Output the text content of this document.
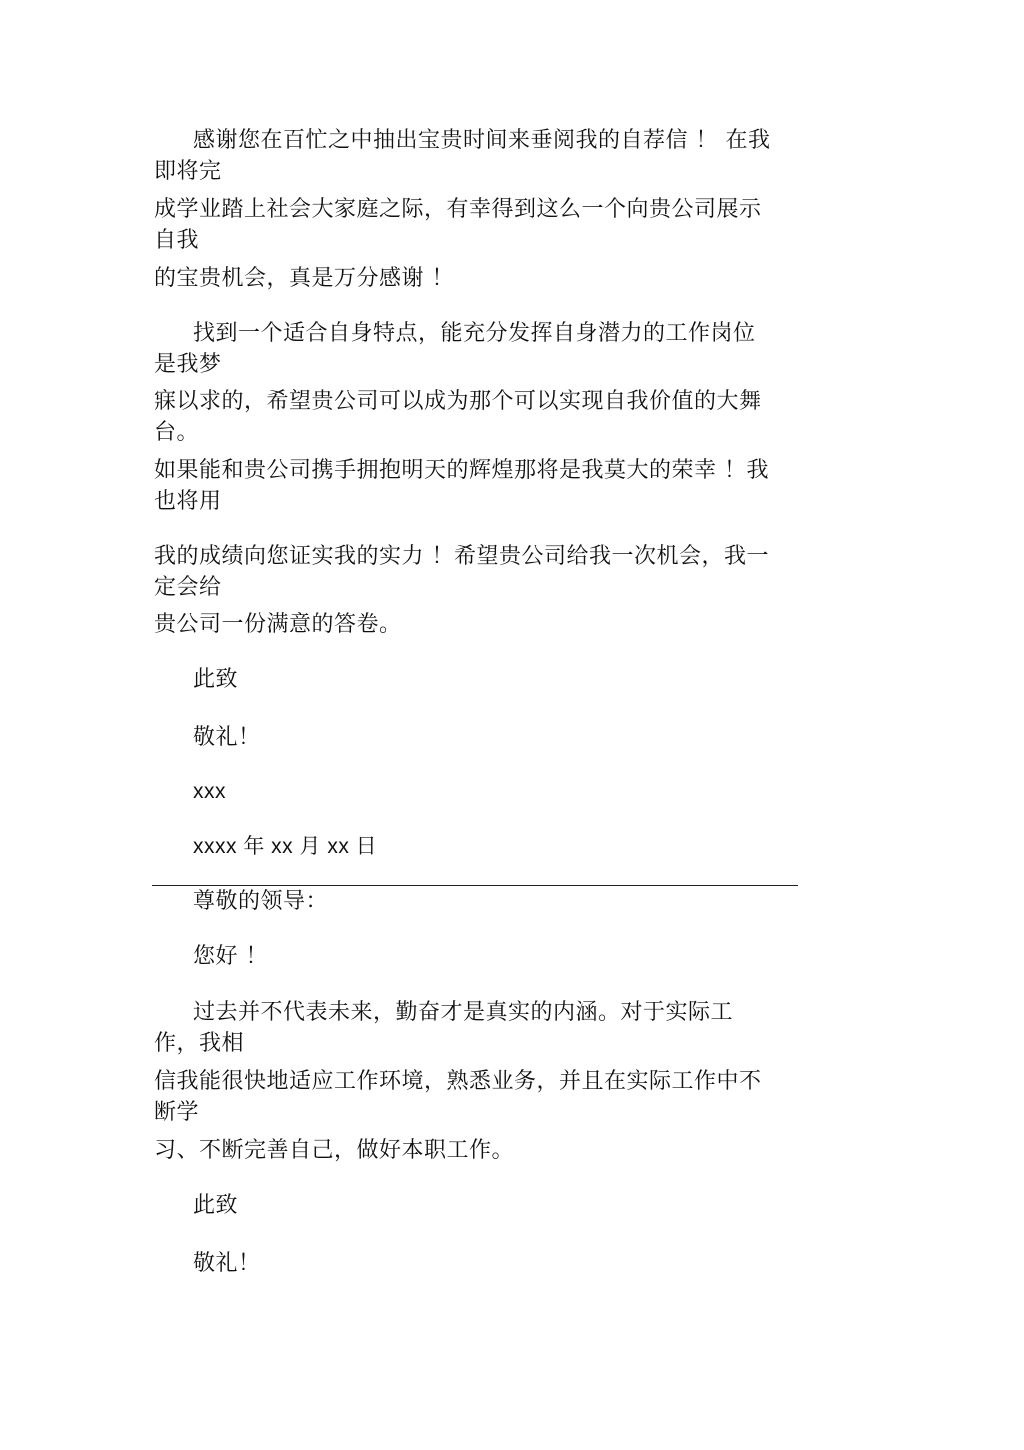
感谢您在百忙之中抽出宝贵时间来垂阅我的自荐信 ！ 在我
即将完
成学业踏上社会大家庭之际，有幸得到这么一个向贵公司展示
自我
的宝贵机会，真是万分感谢 ！
找到一个适合自身特点，能充分发挥自身潜力的工作岗位
是我梦
寐以求的，希望贵公司可以成为那个可以实现自我价值的大舞
台。
如果能和贵公司携手拥抱明天的辉煌那将是我莫大的荣幸 ！我
也将用
我的成绩向您证实我的实力 ！希望贵公司给我一次机会，我一
定会给
贵公司一份满意的答卷。
此致
敬礼！
xxx
xxxx 年 xx 月 xx 日
尊敬的领导：
您好 ！
过去并不代表未来，勤奋才是真实的内涵。对于实际工
作，我相
信我能很快地适应工作环境，熟悉业务，并且在实际工作中不
断学
习、不断完善自己，做好本职工作。
此致
敬礼！
